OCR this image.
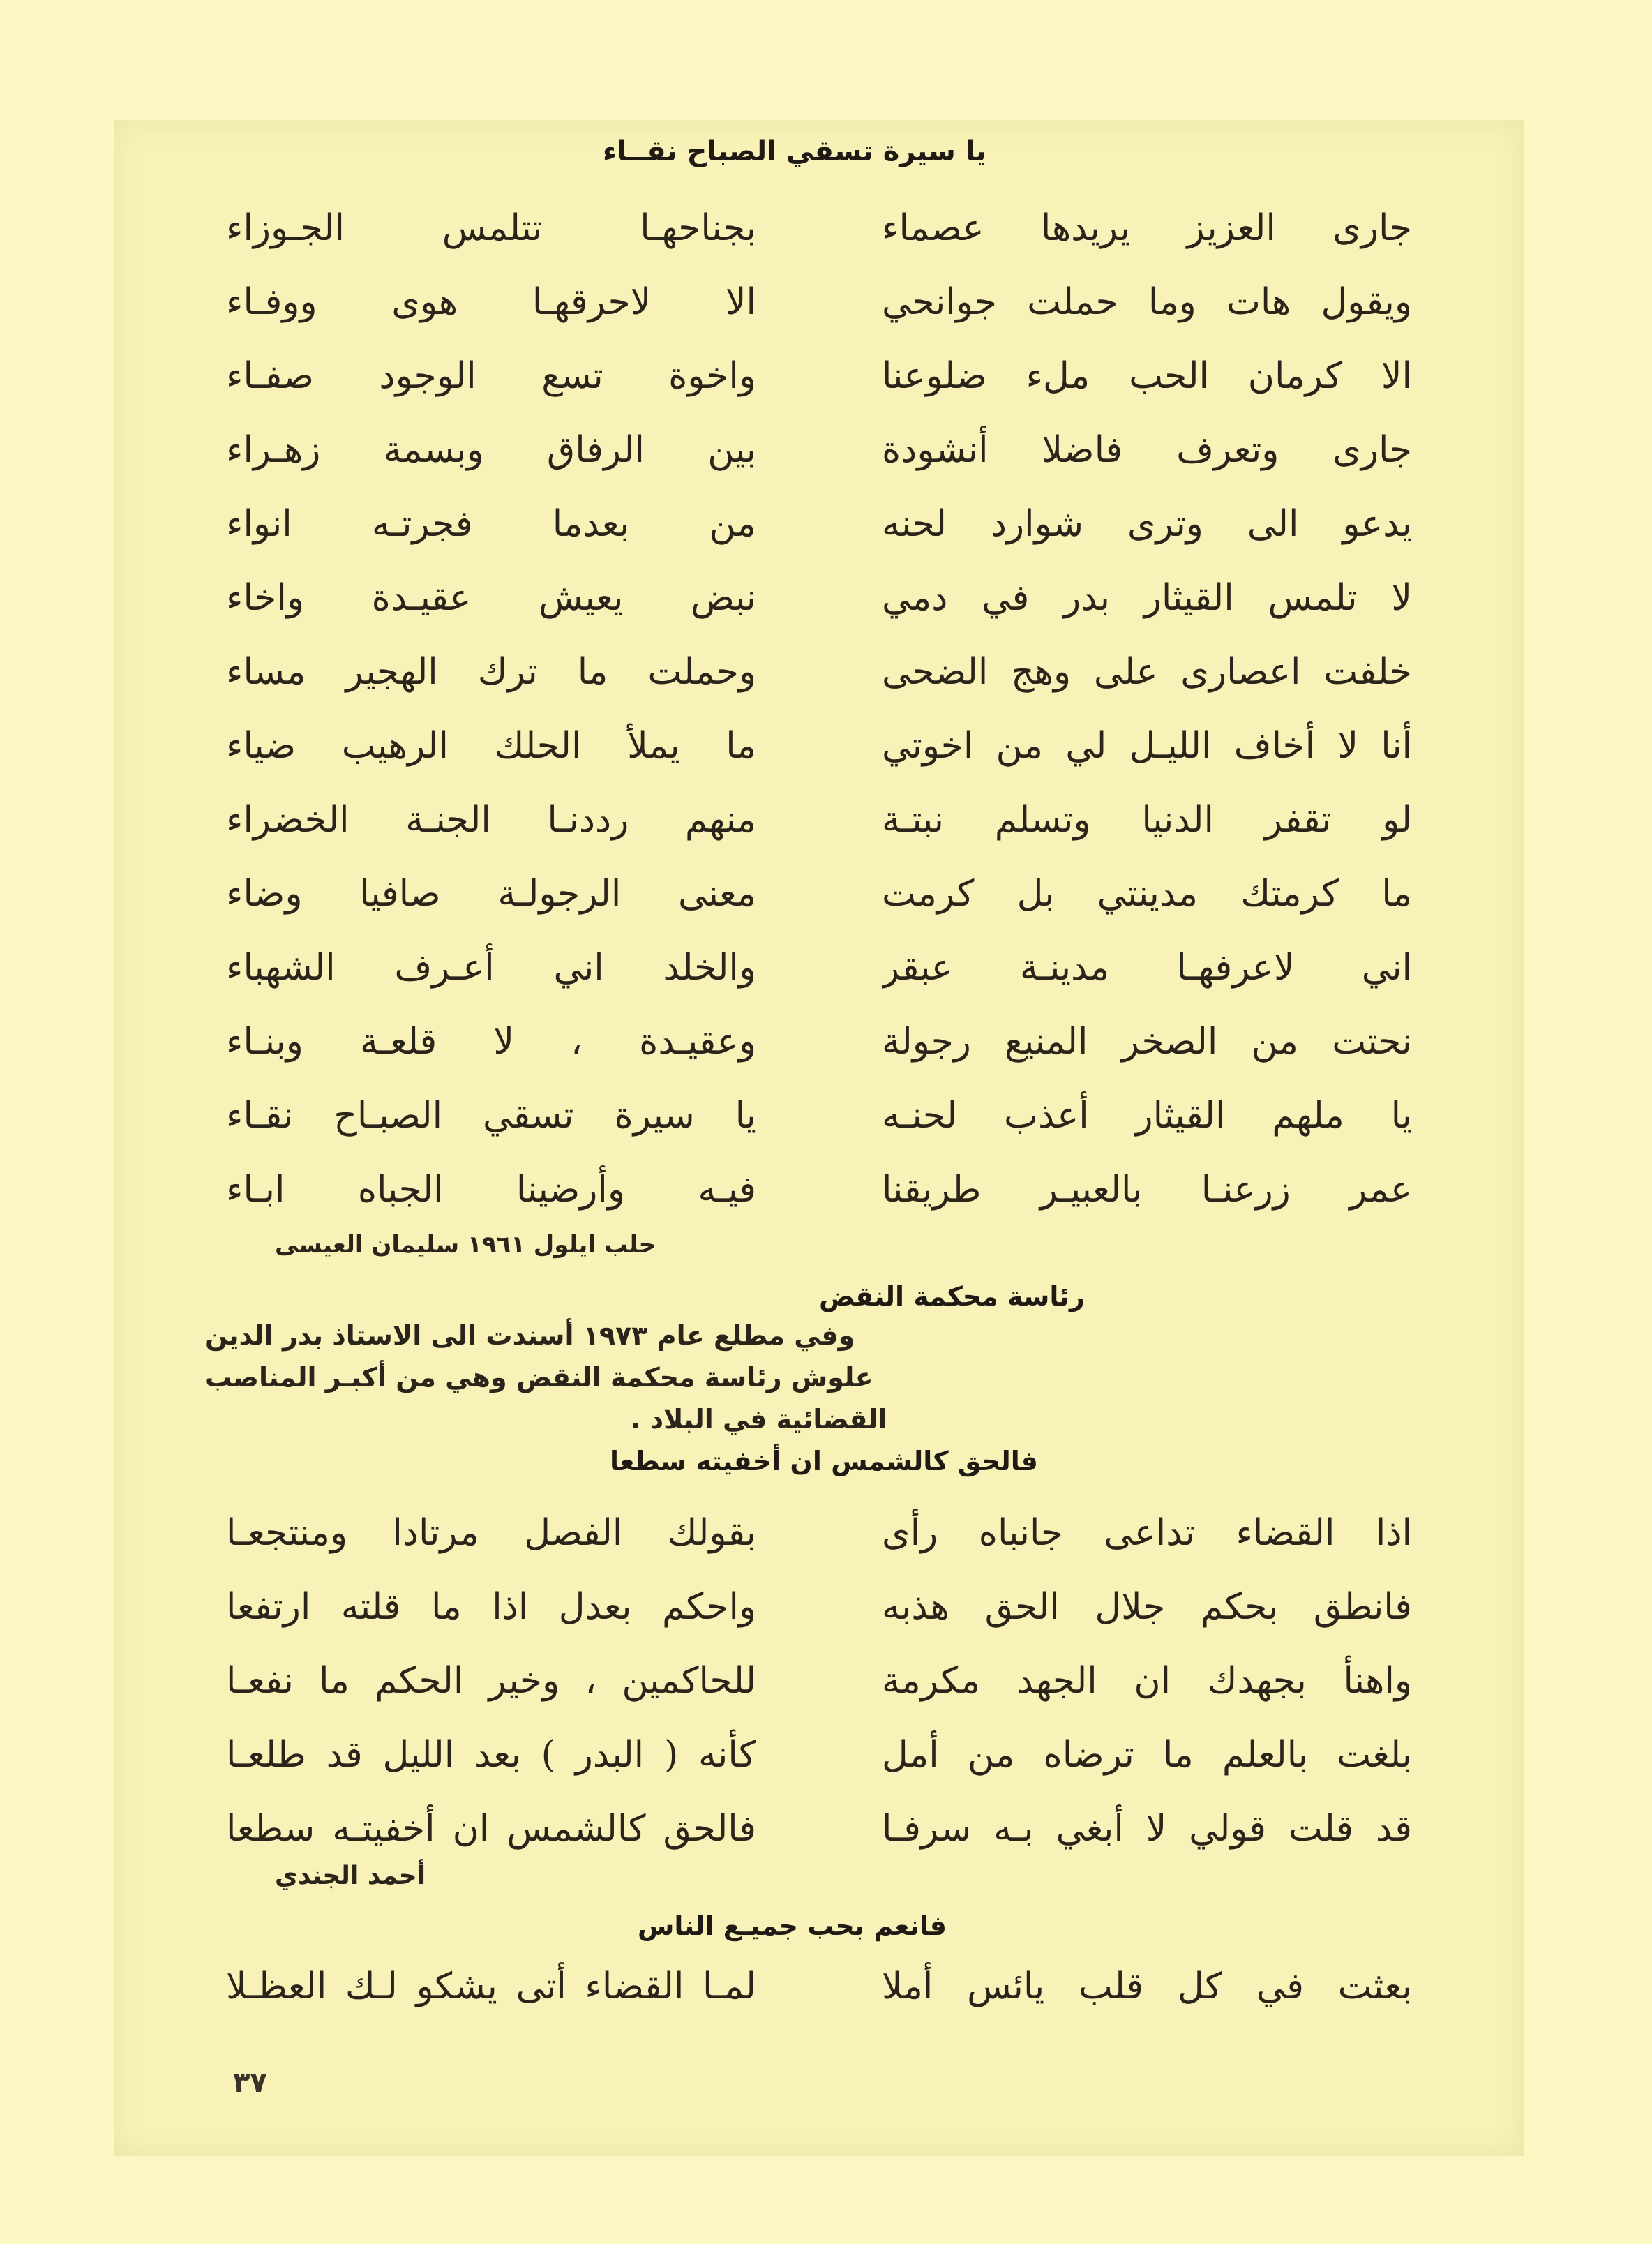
يا سيرة تسقي الصباح نقــاء
جارى العزيز يريدها عصماء
بجناحهـا تتلمس الجـوزاء
ويقول هات وما حملت جوانحي
الا لاحرقهـا هوى ووفـاء
الا كرمان الحب ملء ضلوعنا
واخوة تسع الوجود صفـاء
جارى وتعرف فاضلا أنشودة
بين الرفاق وبسمة زهـراء
يدعو الى وترى شوارد لحنه
من بعدما فجرتـه انواء
لا تلمس القيثار بدر في دمي
نبض يعيش عقيـدة واخاء
خلفت اعصارى على وهج الضحى
وحملت ما ترك الهجير مساء
أنا لا أخاف الليـل لي من اخوتي
ما يملأ الحلك الرهيب ضياء
لو تقفر الدنيا وتسلم نبتـة
منهم رددنـا الجنـة الخضراء
ما كرمتك مدينتي بل كرمت
معنى الرجولـة صافيا وضاء
اني لاعرفهـا مدينـة عبقر
والخلد اني أعـرف الشهباء
نحتت من الصخر المنيع رجولة
وعقيـدة ، لا قلعـة وبنـاء
يا ملهم القيثار أعذب لحنـه
يا سيرة تسقي الصبـاح نقـاء
عمر زرعنـا بالعبيـر طريقنا
فيـه وأرضينا الجباه ابـاء
حلب ايلول ١٩٦١ سليمان العيسى
رئاسة محكمة النقض
وفي مطلع عام ١٩٧٣ أسندت الى الاستاذ بدر الدين
علوش رئاسة محكمة النقض وهي من أكبـر المناصب
القضائية في البلاد .
فالحق كالشمس ان أخفيته سطعا
اذا القضاء تداعى جانباه رأى
بقولك الفصل مرتادا ومنتجعـا
فانطق بحكم جلال الحق هذبه
واحكم بعدل اذا ما قلته ارتفعا
واهنأ بجهدك ان الجهد مكرمة
للحاكمين ، وخير الحكم ما نفعـا
بلغت بالعلم ما ترضاه من أمل
كأنه ( البدر ) بعد الليل قد طلعـا
قد قلت قولي لا أبغي بـه سرفـا
فالحق كالشمس ان أخفيتـه سطعا
أحمد الجندي
فانعم بحب جميـع الناس
بعثت في كل قلب يائس أملا
لمـا القضاء أتى يشكو لـك العظـلا
٣٧
